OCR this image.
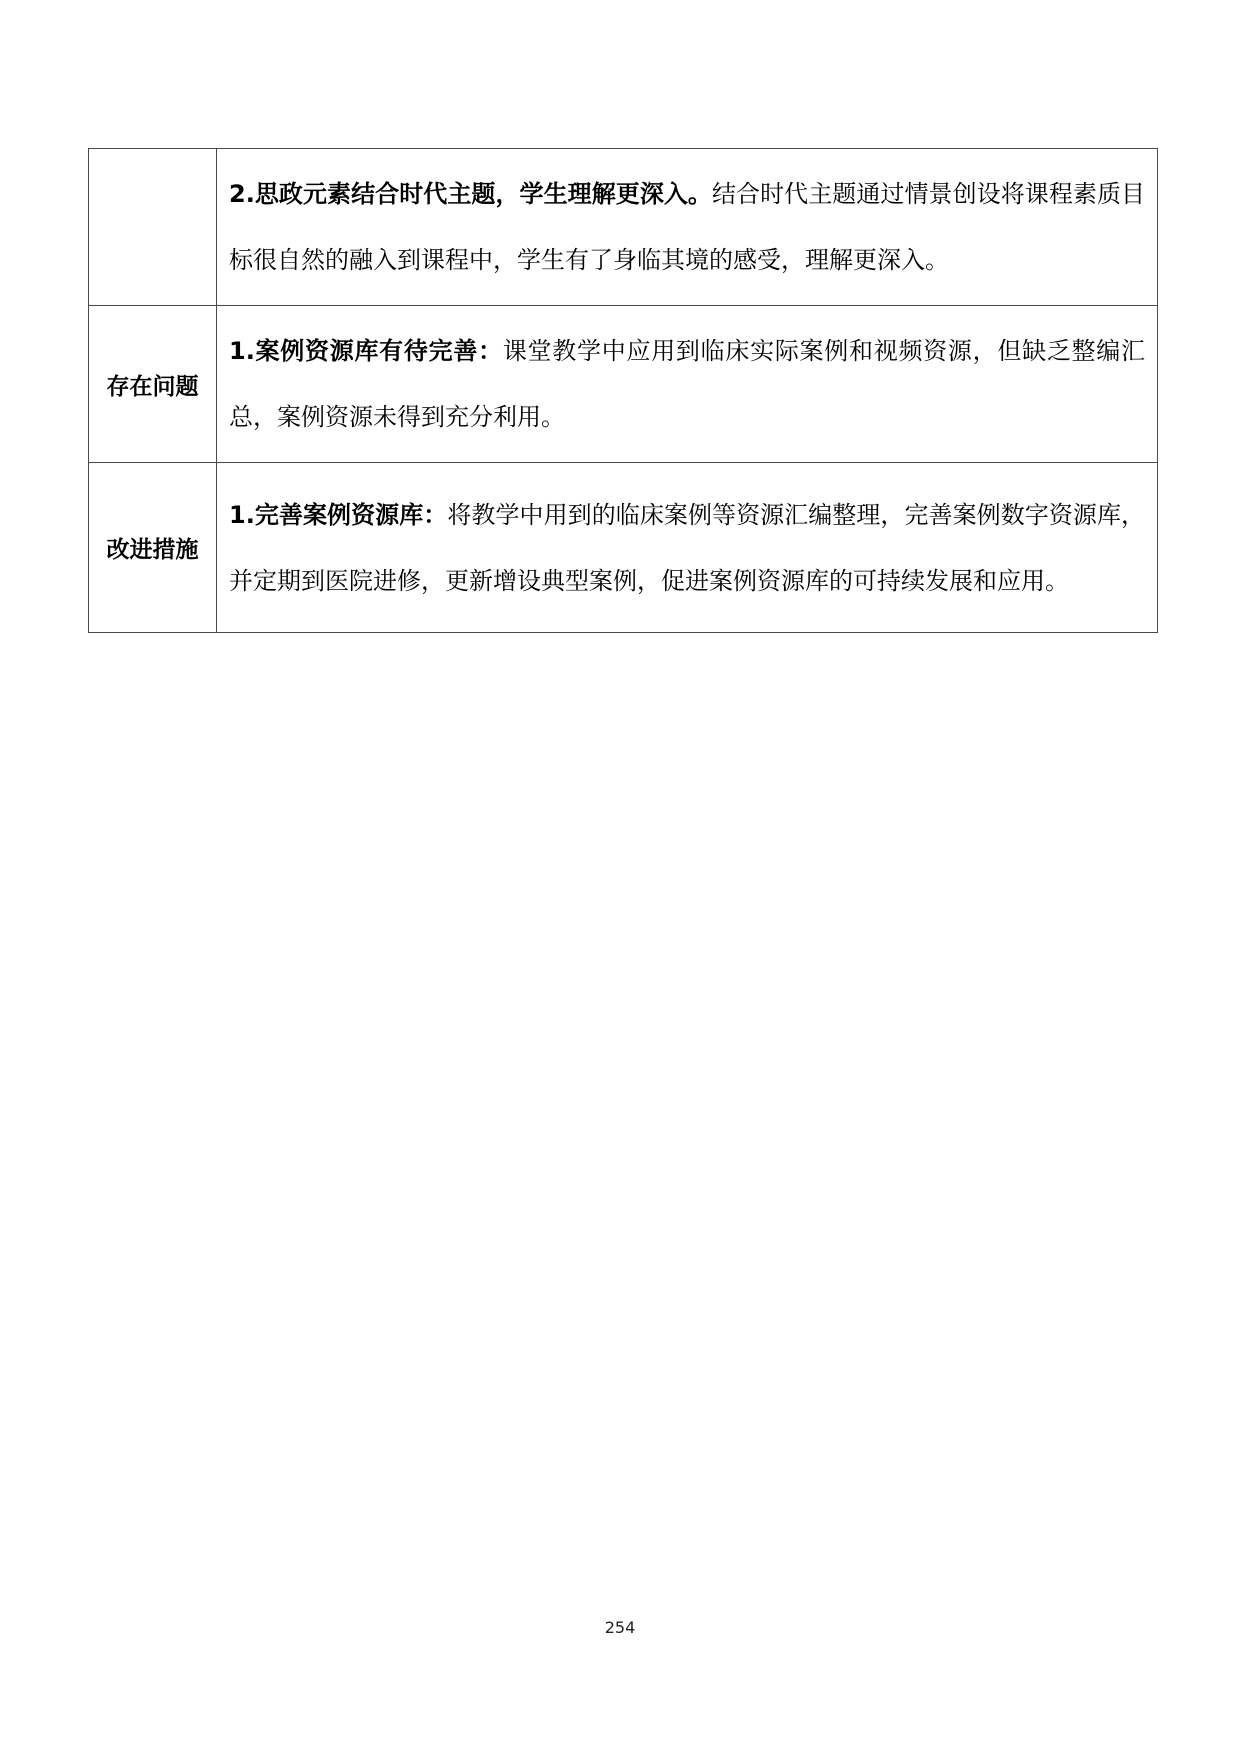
	2.思政元素结合时代主题，学生理解更深入。结合时代主题通过情景创设将课程素质目标很自然的融入到课程中，学生有了身临其境的感受，理解更深入。
存在问题	1.案例资源库有待完善：课堂教学中应用到临床实际案例和视频资源，但缺乏整编汇总，案例资源未得到充分利用。
改进措施	1.完善案例资源库：将教学中用到的临床案例等资源汇编整理，完善案例数字资源库，并定期到医院进修，更新增设典型案例，促进案例资源库的可持续发展和应用。
254
